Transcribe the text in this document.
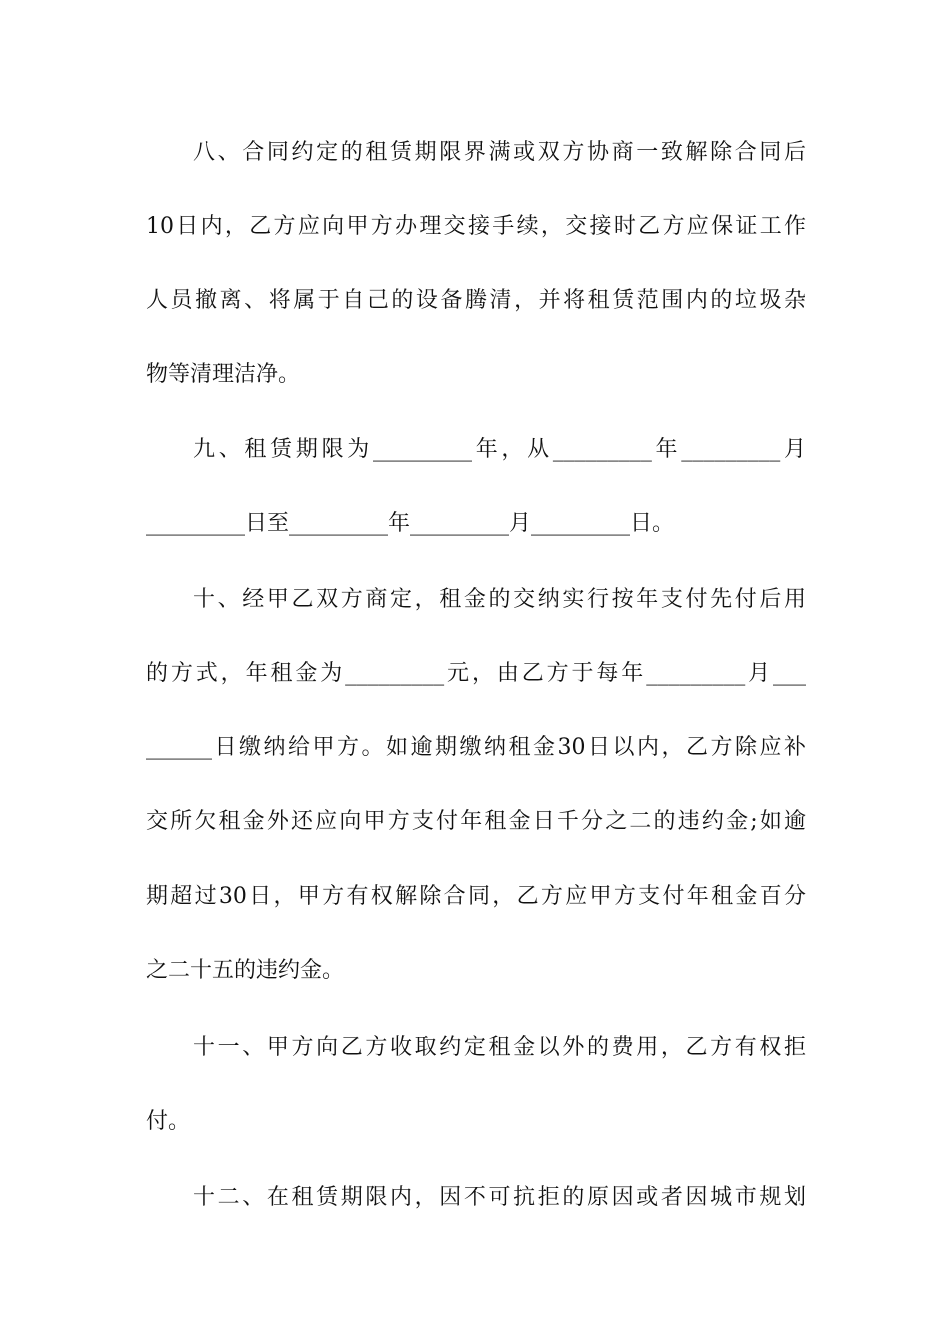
八、合同约定的租赁期限界满或双方协商一致解除合同后
10日内，乙方应向甲方办理交接手续，交接时乙方应保证工作
人员撤离、将属于自己的设备腾清，并将租赁范围内的垃圾杂
物等清理洁净。
九、租赁期限为_________年，从_________年_________月
_________日至_________年_________月_________日。
十、经甲乙双方商定，租金的交纳实行按年支付先付后用
的方式，年租金为_________元，由乙方于每年_________月___
______日缴纳给甲方。如逾期缴纳租金30日以内，乙方除应补
交所欠租金外还应向甲方支付年租金日千分之二的违约金;如逾
期超过30日，甲方有权解除合同，乙方应甲方支付年租金百分
之二十五的违约金。
十一、甲方向乙方收取约定租金以外的费用，乙方有权拒
付。
十二、在租赁期限内，因不可抗拒的原因或者因城市规划
